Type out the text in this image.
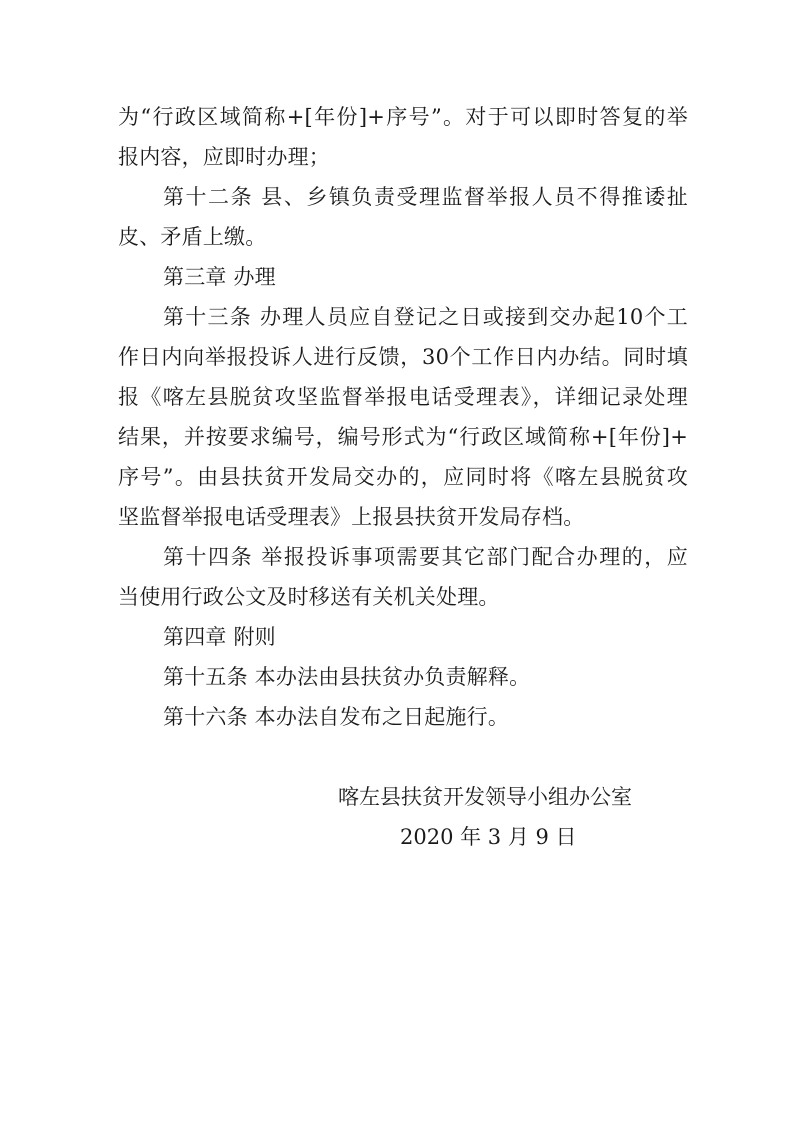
为“行政区域简称+[年份]+序号”。对于可以即时答复的举
报内容，应即时办理；
第十二条 县、乡镇负责受理监督举报人员不得推诿扯
皮、矛盾上缴。
第三章 办理
第十三条 办理人员应自登记之日或接到交办起10个工
作日内向举报投诉人进行反馈，30个工作日内办结。同时填
报《喀左县脱贫攻坚监督举报电话受理表》，详细记录处理
结果，并按要求编号，编号形式为“行政区域简称+[年份]+
序号”。由县扶贫开发局交办的，应同时将《喀左县脱贫攻
坚监督举报电话受理表》上报县扶贫开发局存档。
第十四条 举报投诉事项需要其它部门配合办理的，应
当使用行政公文及时移送有关机关处理。
第四章 附则
第十五条 本办法由县扶贫办负责解释。
第十六条 本办法自发布之日起施行。
喀左县扶贫开发领导小组办公室
2020 年 3 月 9 日
